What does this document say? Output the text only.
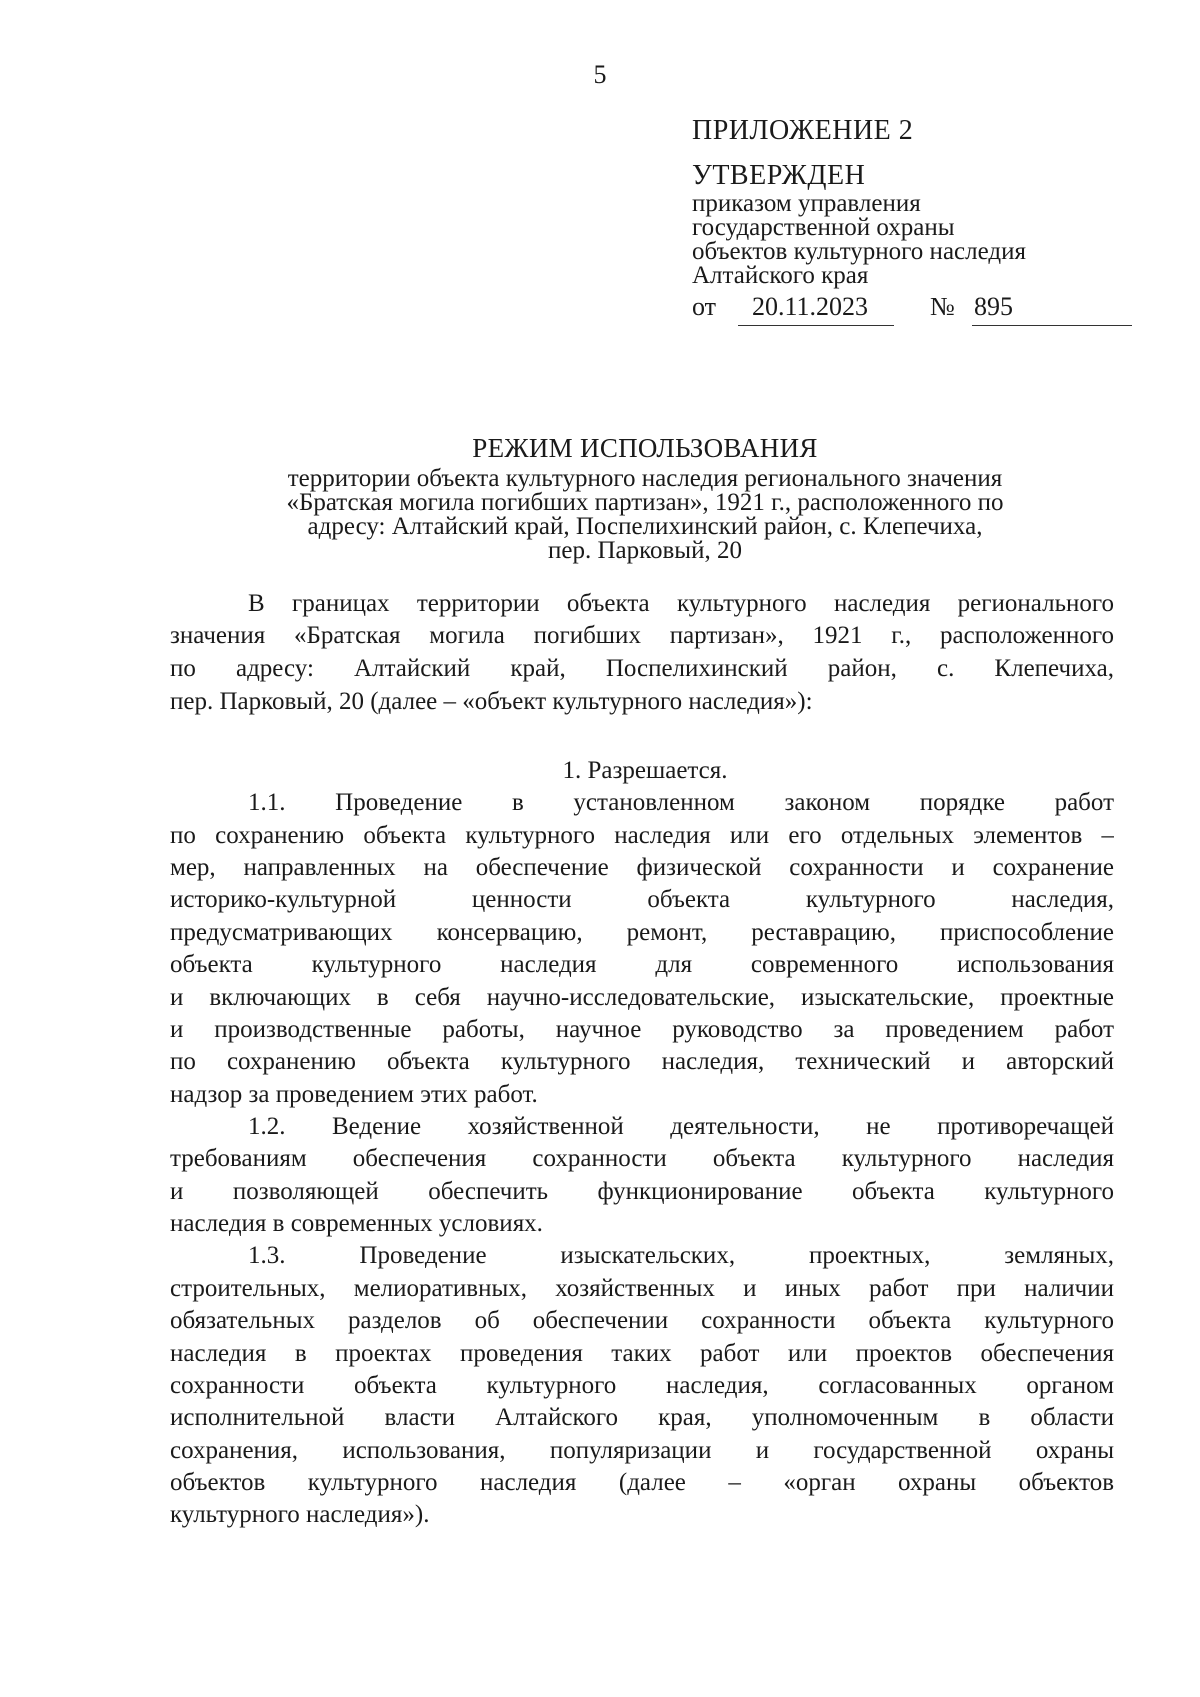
5
ПРИЛОЖЕНИЕ 2
УТВЕРЖДЕН
приказом управления
государственной охраны
объектов культурного наследия
Алтайского края
от 20.11.2023 № 895
РЕЖИМ ИСПОЛЬЗОВАНИЯ
территории объекта культурного наследия регионального значения
«Братская могила погибших партизан», 1921 г., расположенного по
адресу: Алтайский край, Поспелихинский район, с. Клепечиха,
пер. Парковый, 20
В границах территории объекта культурного наследия регионального
значения «Братская могила погибших партизан», 1921 г., расположенного
по адресу: Алтайский край, Поспелихинский район, с. Клепечиха,
пер. Парковый, 20 (далее – «объект культурного наследия»):
1. Разрешается.
1.1. Проведение в установленном законом порядке работ
по сохранению объекта культурного наследия или его отдельных элементов –
мер, направленных на обеспечение физической сохранности и сохранение
историко-культурной ценности объекта культурного наследия,
предусматривающих консервацию, ремонт, реставрацию, приспособление
объекта культурного наследия для современного использования
и включающих в себя научно-исследовательские, изыскательские, проектные
и производственные работы, научное руководство за проведением работ
по сохранению объекта культурного наследия, технический и авторский
надзор за проведением этих работ.
1.2. Ведение хозяйственной деятельности, не противоречащей
требованиям обеспечения сохранности объекта культурного наследия
и позволяющей обеспечить функционирование объекта культурного
наследия в современных условиях.
1.3. Проведение изыскательских, проектных, земляных,
строительных, мелиоративных, хозяйственных и иных работ при наличии
обязательных разделов об обеспечении сохранности объекта культурного
наследия в проектах проведения таких работ или проектов обеспечения
сохранности объекта культурного наследия, согласованных органом
исполнительной власти Алтайского края, уполномоченным в области
сохранения, использования, популяризации и государственной охраны
объектов культурного наследия (далее – «орган охраны объектов
культурного наследия»).
